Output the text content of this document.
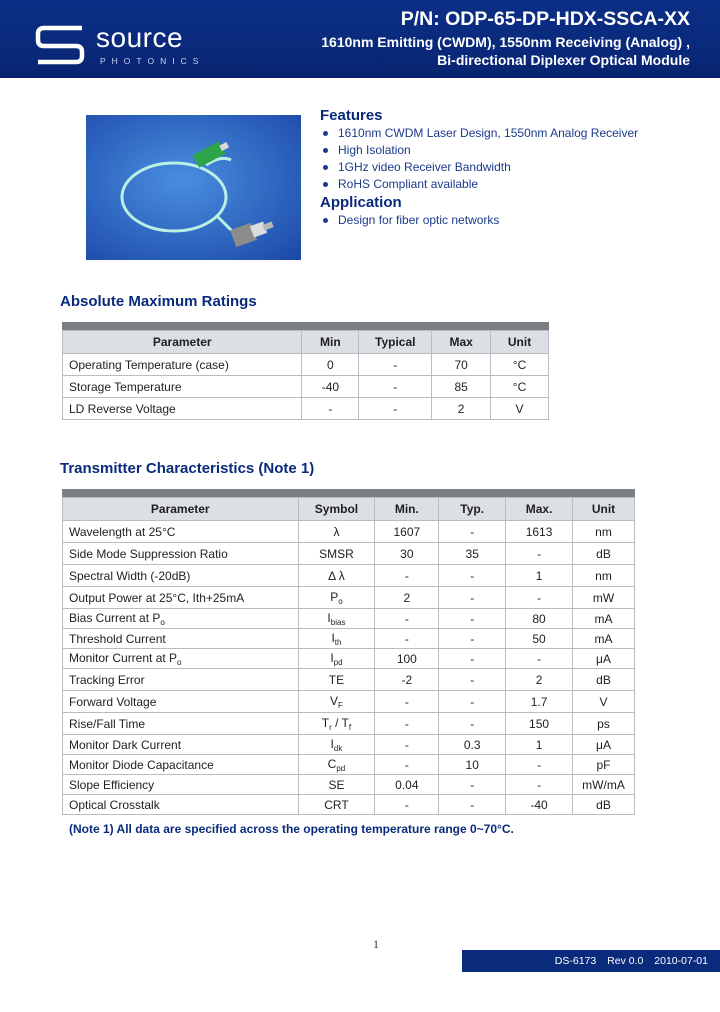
source
PHOTONICS
P/N: ODP-65-DP-HDX-SSCA-XX
1610nm Emitting (CWDM), 1550nm Receiving (Analog) ,
Bi-directional Diplexer Optical Module
Features
1610nm CWDM Laser Design, 1550nm Analog Receiver
High Isolation
1GHz video Receiver Bandwidth
RoHS Compliant available
Application
Design for fiber optic networks
Absolute Maximum Ratings
Parameter	Min	Typical	Max	Unit
Operating Temperature (case)	0	-	70	°C
Storage Temperature	-40	-	85	°C
LD Reverse Voltage	-	-	2	V
Transmitter Characteristics (Note 1)
Parameter	Symbol	Min.	Typ.	Max.	Unit
Wavelength at 25°C	λ	1607	-	1613	nm
Side Mode Suppression Ratio	SMSR	30	35	-	dB
Spectral Width (-20dB)	Δ λ	-	-	1	nm
Output Power at 25°C, Ith+25mA	$P_o$	2	-	-	mW
Bias Current at $P_o$	$I_{bias}$	-	-	80	mA
Threshold Current	$I_{th}$	-	-	50	mA
Monitor Current at $P_o$	$I_{pd}$	100	-	-	μA
Tracking Error	TE	-2	-	2	dB
Forward Voltage	$V_F$	-	-	1.7	V
Rise/Fall Time	$T_r / T_f$	-	-	150	ps
Monitor Dark Current	$I_{dk}$	-	0.3	1	μA
Monitor Diode Capacitance	$C_{pd}$	-	10	-	pF
Slope Efficiency	SE	0.04	-	-	mW/mA
Optical Crosstalk	CRT	-	-	-40	dB
(Note 1) All data are specified across the operating temperature range 0~70°C.
1
DS-6173 Rev 0.0 2010-07-01
